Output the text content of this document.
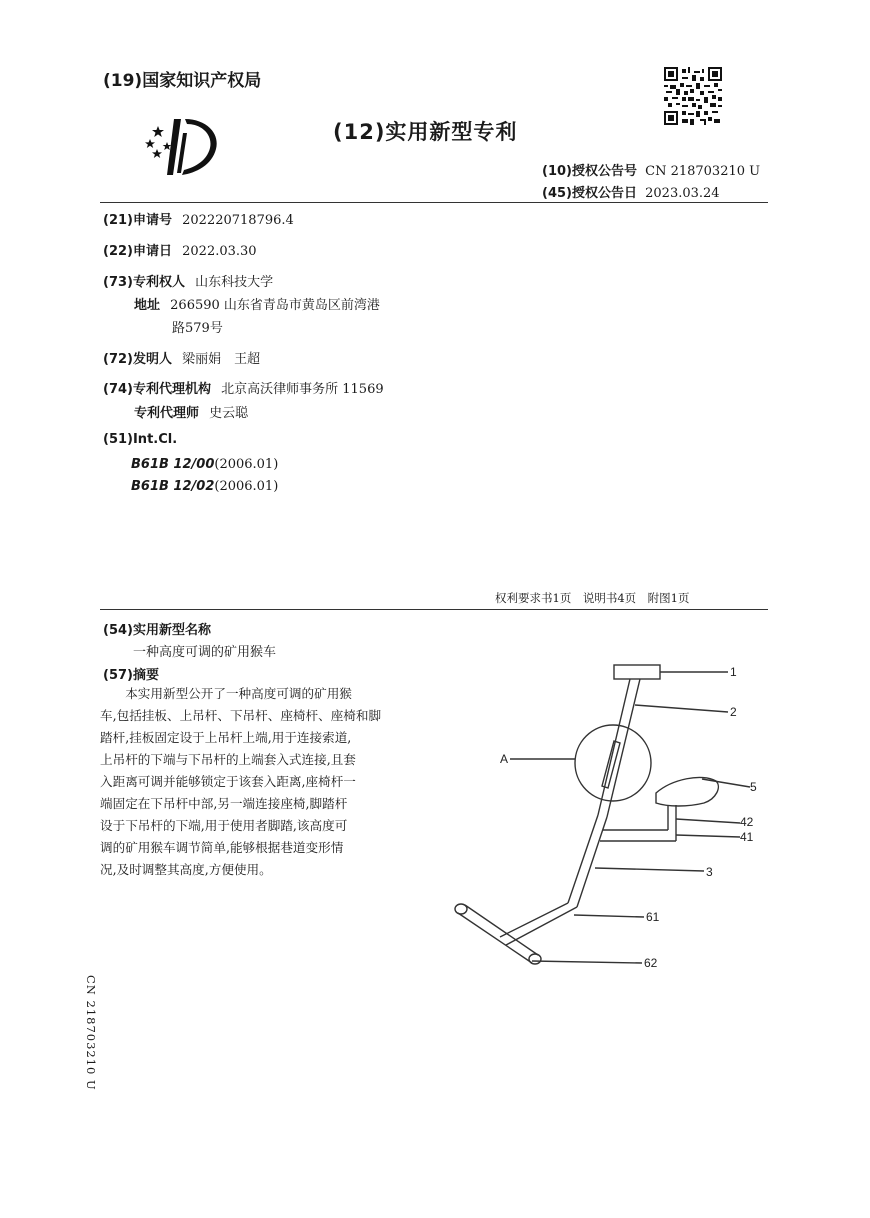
(19)国家知识产权局
(12)实用新型专利
(10)授权公告号 CN 218703210 U
(45)授权公告日 2023.03.24
(21)申请号 202220718796.4
(22)申请日 2022.03.30
(73)专利权人 山东科技大学
地址 266590 山东省青岛市黄岛区前湾港
路579号
(72)发明人 梁丽娟　王超
(74)专利代理机构 北京高沃律师事务所 11569
专利代理师 史云聪
(51)Int.Cl.
B61B 12/00(2006.01)
B61B 12/02(2006.01)
权利要求书1页　说明书4页　附图1页
(54)实用新型名称
一种高度可调的矿用猴车
(57)摘要
本实用新型公开了一种高度可调的矿用猴
车,包括挂板、上吊杆、下吊杆、座椅杆、座椅和脚
踏杆,挂板固定设于上吊杆上端,用于连接索道,
上吊杆的下端与下吊杆的上端套入式连接,且套
入距离可调并能够锁定于该套入距离,座椅杆一
端固定在下吊杆中部,另一端连接座椅,脚踏杆
设于下吊杆的下端,用于使用者脚踏,该高度可
调的矿用猴车调节简单,能够根据巷道变形情
况,及时调整其高度,方便使用。
1
2
A
5
42
41
3
61
62
CN 218703210 U
